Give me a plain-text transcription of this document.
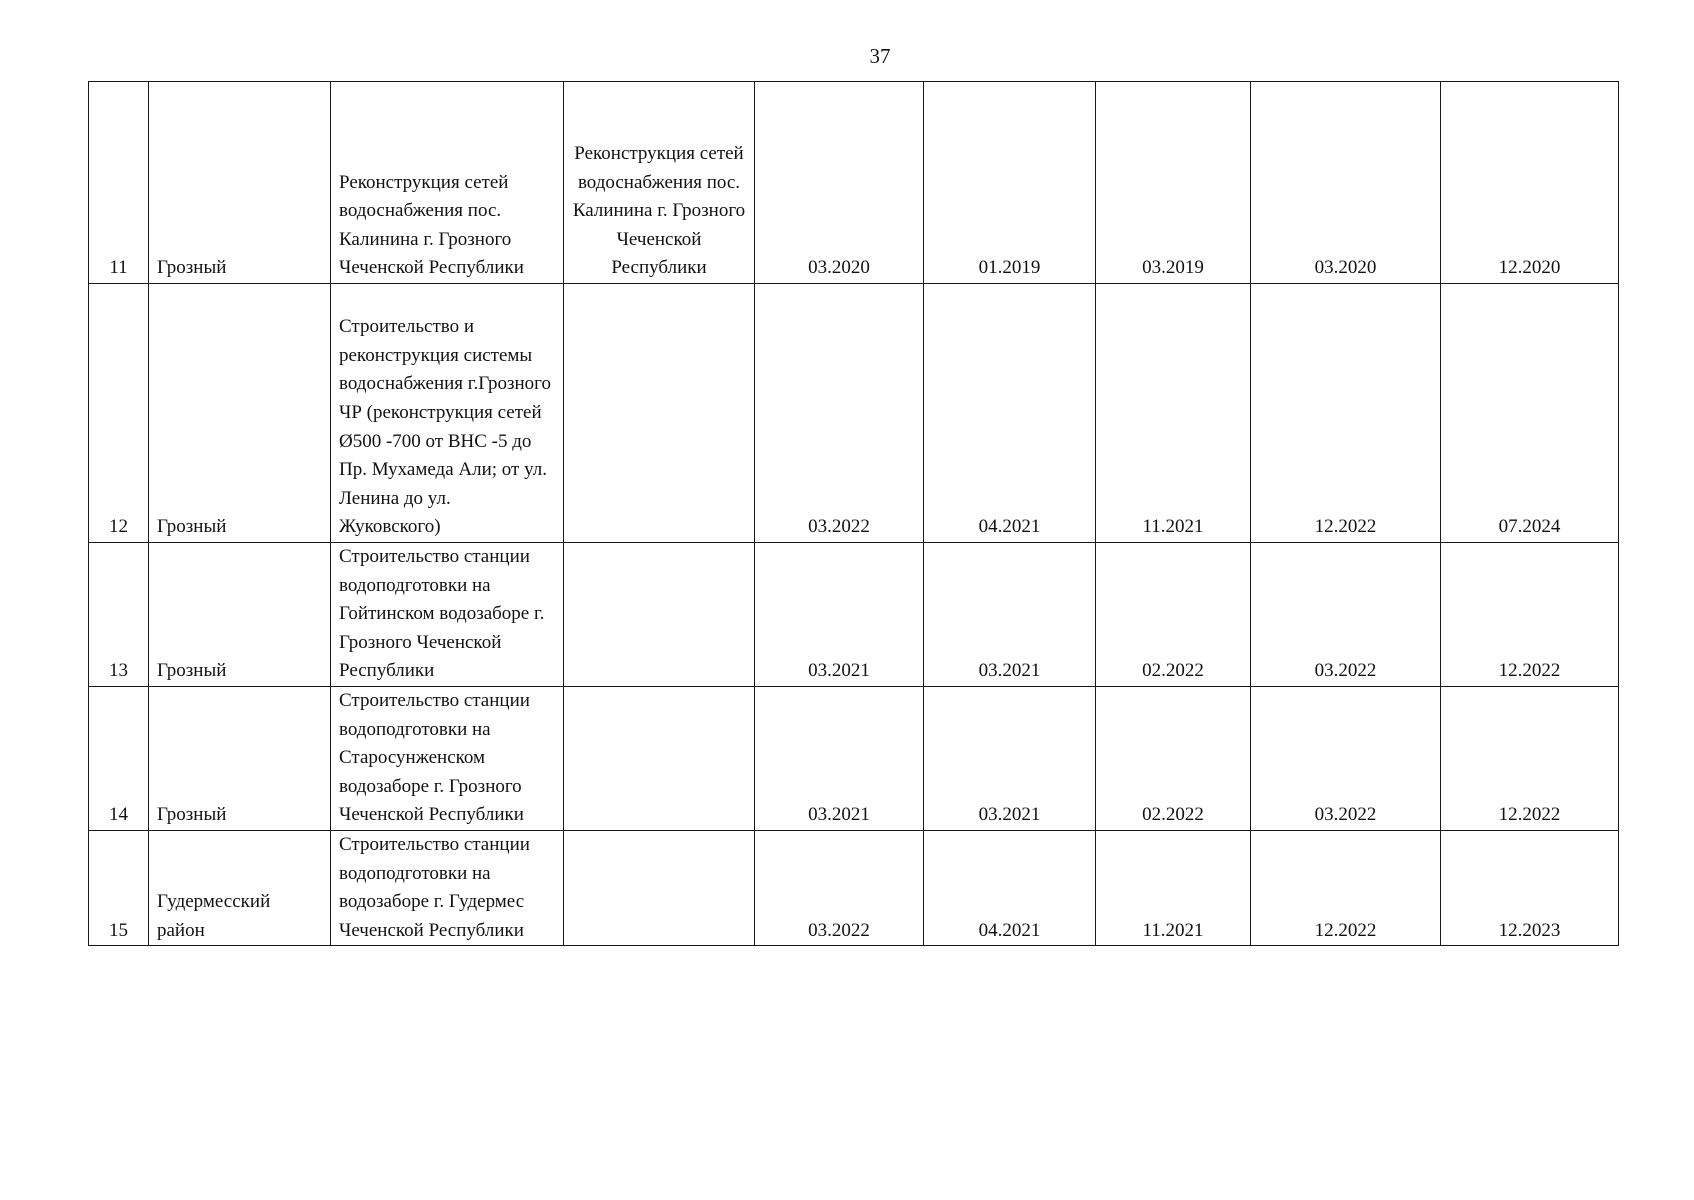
37
11	Грозный	Реконструкция сетей водоснабжения пос. Калинина г. Грозного Чеченской Республики	Реконструкция сетей водоснабжения пос. Калинина г. Грозного Чеченской Республики	03.2020	01.2019	03.2019	03.2020	12.2020
12	Грозный	Строительство и реконструкция системы водоснабжения г.Грозного ЧР (реконструкция сетей Ø500 -700 от ВНС -5 до Пр. Мухамеда Али; от ул. Ленина до ул. Жуковского)		03.2022	04.2021	11.2021	12.2022	07.2024
13	Грозный	Строительство станции водоподготовки на Гойтинском водозаборе г. Грозного Чеченской Республики		03.2021	03.2021	02.2022	03.2022	12.2022
14	Грозный	Строительство станции водоподготовки на Старосунженском водозаборе г. Грозного Чеченской Республики		03.2021	03.2021	02.2022	03.2022	12.2022
15	Гудермесский район	Строительство станции водоподготовки на водозаборе г. Гудермес Чеченской Республики		03.2022	04.2021	11.2021	12.2022	12.2023
